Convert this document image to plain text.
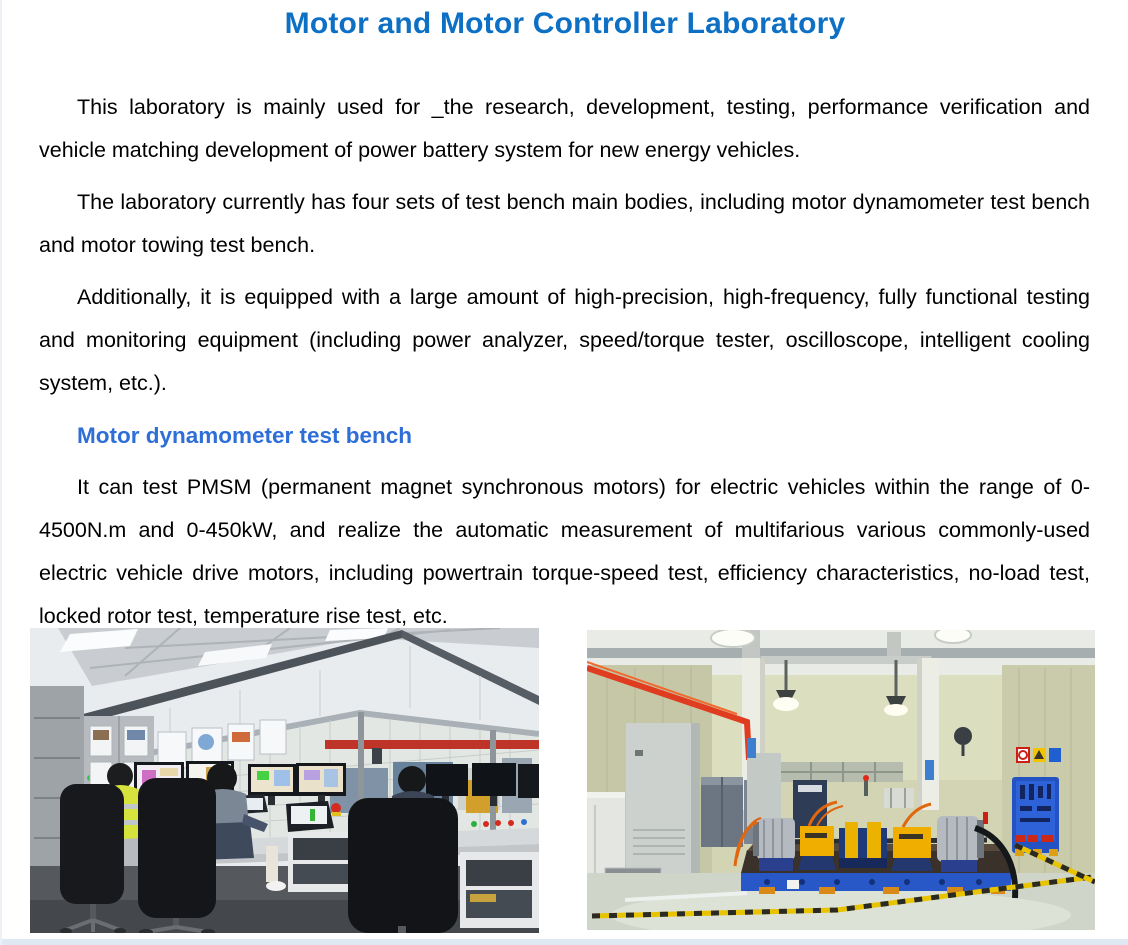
Motor and Motor Controller Laboratory

This laboratory is mainly used for _the research, development, testing, performance verification and vehicle matching development of power battery system for new energy vehicles.

The laboratory currently has four sets of test bench main bodies, including motor dynamometer test bench and motor towing test bench.

Additionally, it is equipped with a large amount of high-precision, high-frequency, fully functional testing and monitoring equipment (including power analyzer, speed/torque tester, oscilloscope, intelligent cooling system, etc.).

Motor dynamometer test bench

It can test PMSM (permanent magnet synchronous motors) for electric vehicles within the range of 0-4500N.m and 0-450kW, and realize the automatic measurement of multifarious various commonly-used electric vehicle drive motors, including powertrain torque-speed test, efficiency characteristics, no-load test, locked rotor test, temperature rise test, etc.
